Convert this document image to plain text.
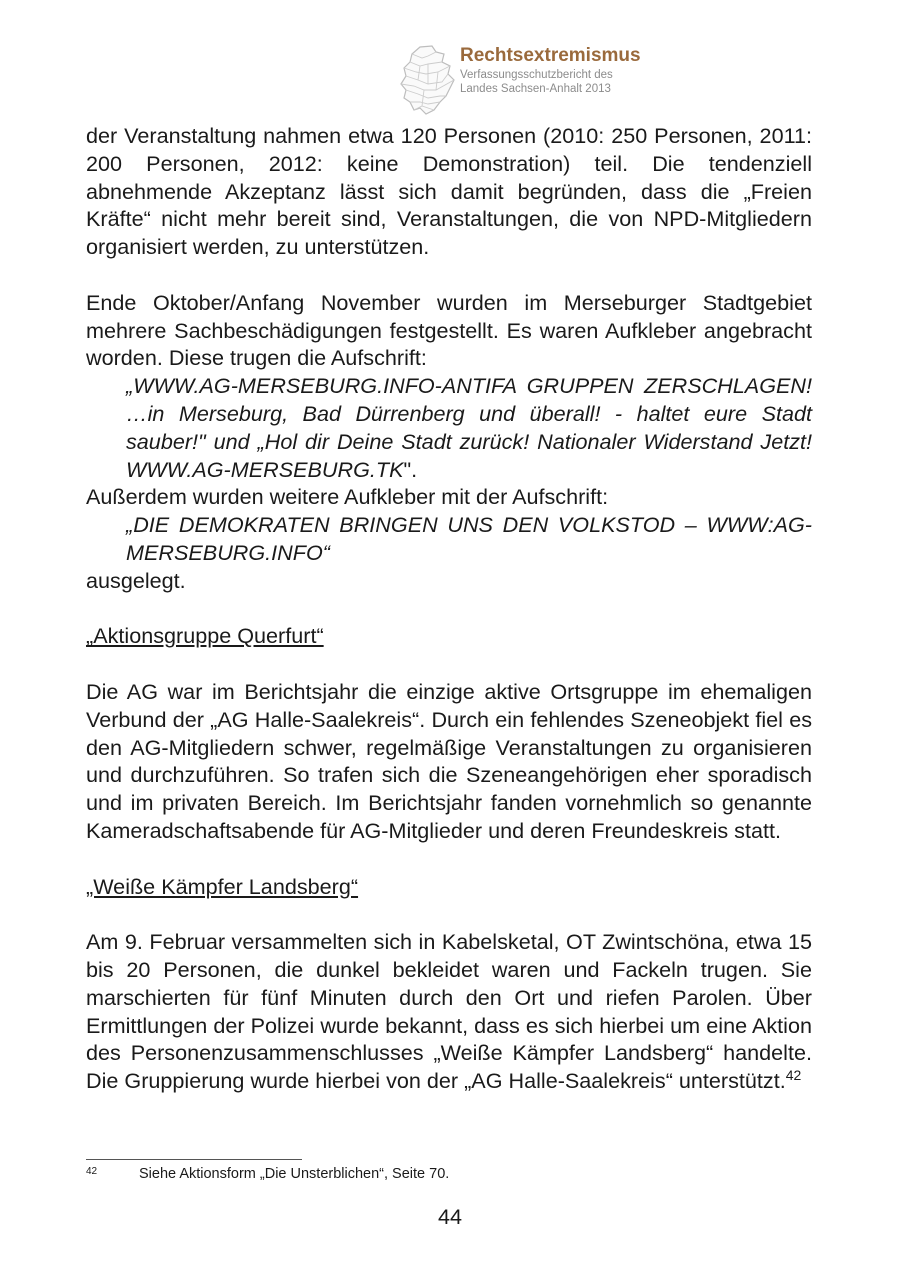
Rechtsextremismus
Verfassungsschutzbericht des
Landes Sachsen-Anhalt 2013

der Veranstaltung nahmen etwa 120 Personen (2010: 250 Personen, 2011: 200 Personen, 2012: keine Demonstration) teil. Die tendenziell abnehmende Akzeptanz lässt sich damit begründen, dass die „Freien Kräfte“ nicht mehr bereit sind, Veranstaltungen, die von NPD-Mitgliedern organisiert werden, zu unterstützen.

Ende Oktober/Anfang November wurden im Merseburger Stadtgebiet mehrere Sachbeschädigungen festgestellt. Es waren Aufkleber angebracht worden. Diese trugen die Aufschrift:

„WWW.AG-MERSEBURG.INFO-ANTIFA GRUPPEN ZERSCHLAGEN! …in Merseburg, Bad Dürrenberg und überall! - haltet eure Stadt sauber!" und „Hol dir Deine Stadt zurück! Nationaler Widerstand Jetzt! WWW.AG-MERSEBURG.TK".

Außerdem wurden weitere Aufkleber mit der Aufschrift:

„DIE DEMOKRATEN BRINGEN UNS DEN VOLKSTOD – WWW:AG-MERSEBURG.INFO“

ausgelegt.

„Aktionsgruppe Querfurt“

Die AG war im Berichtsjahr die einzige aktive Ortsgruppe im ehemaligen Verbund der „AG Halle-Saalekreis“. Durch ein fehlendes Szeneobjekt fiel es den AG-Mitgliedern schwer, regelmäßige Veranstaltungen zu organisieren und durchzuführen. So trafen sich die Szeneangehörigen eher sporadisch und im privaten Bereich. Im Berichtsjahr fanden vornehmlich so genannte Kameradschaftsabende für AG-Mitglieder und deren Freundeskreis statt.

„Weiße Kämpfer Landsberg“

Am 9. Februar versammelten sich in Kabelsketal, OT Zwintschöna, etwa 15 bis 20 Personen, die dunkel bekleidet waren und Fackeln trugen. Sie marschierten für fünf Minuten durch den Ort und riefen Parolen. Über Ermittlungen der Polizei wurde bekannt, dass es sich hierbei um eine Aktion des Personenzusammenschlusses „Weiße Kämpfer Landsberg“ handelte. Die Gruppierung wurde hierbei von der „AG Halle-Saalekreis“ unterstützt.$^{42}$

42	Siehe Aktionsform „Die Unsterblichen“, Seite 70.
44
